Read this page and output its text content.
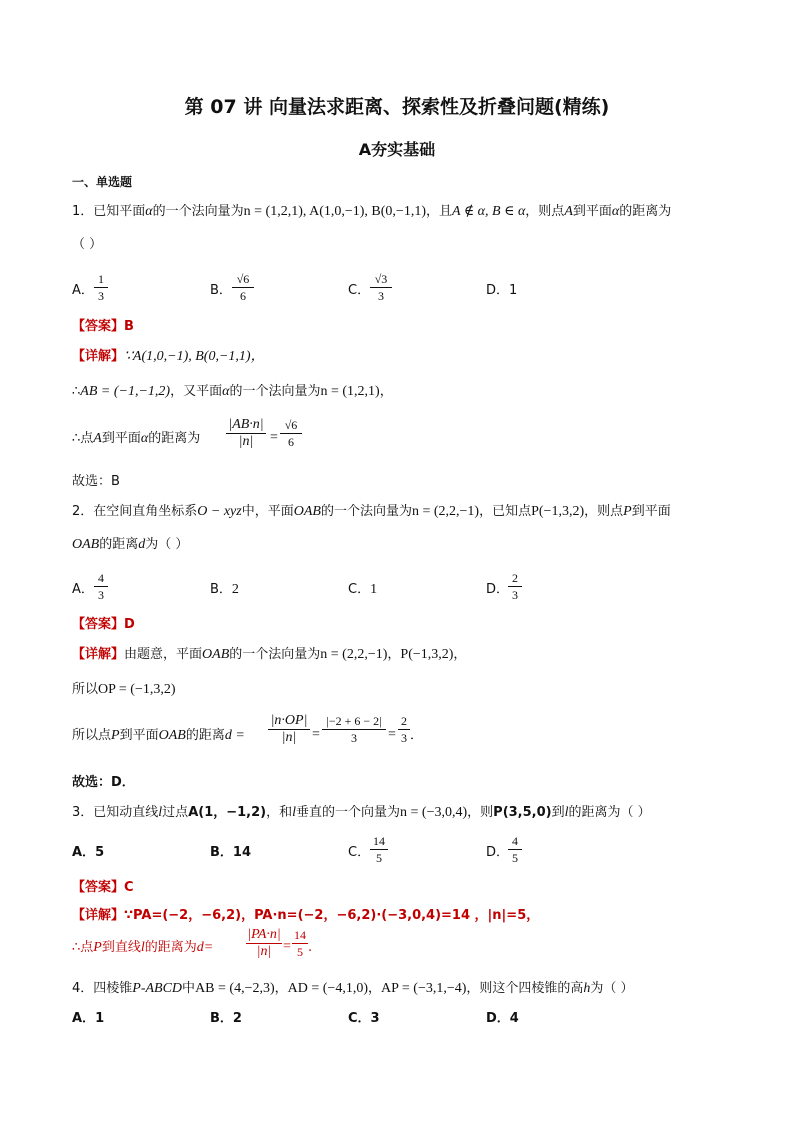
第 07 讲 向量法求距离、探索性及折叠问题(精练)
A夯实基础
一、单选题
1．已知平面α的一个法向量为n = (1,2,1), A(1,0,−1), B(0,−1,1)，且A ∉ α, B ∈ α，则点A到平面α的距离为
（ ）
A．
1
3	B．
√6
6	C．
√3
3	D．1
【答案】B
【详解】∵A(1,0,−1), B(0,−1,1)，
∴AB = (−1,−1,2)，又平面α的一个法向量为n = (1,2,1)，
∴点A到平面α的距离为
|AB·n|
|n|	=
√6
6
故选：B
2．在空间直角坐标系O − xyz中，平面OAB的一个法向量为n = (2,2,−1)，已知点P(−1,3,2)，则点P到平面
OAB的距离d为（ ）
A．
4
3	B．2	C．1	D．
2
3
【答案】D
【详解】由题意，平面OAB的一个法向量为n = (2,2,−1)，P(−1,3,2)，
所以OP = (−1,3,2)
所以点P到平面OAB的距离d =
|n·OP|
|n|	=
|−2 + 6 − 2|
3	=
2
3 ．
故选：D．
3．已知动直线l过点A(1，−1,2)，和l垂直的一个向量为n = (−3,0,4)，则P(3,5,0)到l的距离为（ ）
A．5	B．14	C．
14
5	D．
4
5
【答案】C
【详解】∵PA=(−2，−6,2)，PA·n=(−2，−6,2)·(−3,0,4)=14 ，|n|=5，
∴点P到直线l的距离为d=
|PA·n|
|n| =
14
5 .
4．四棱锥P-ABCD中AB = (4,−2,3)，AD = (−4,1,0)，AP = (−3,1,−4)，则这个四棱锥的高h为（ ）
A．1	B．2	C．3	D．4
